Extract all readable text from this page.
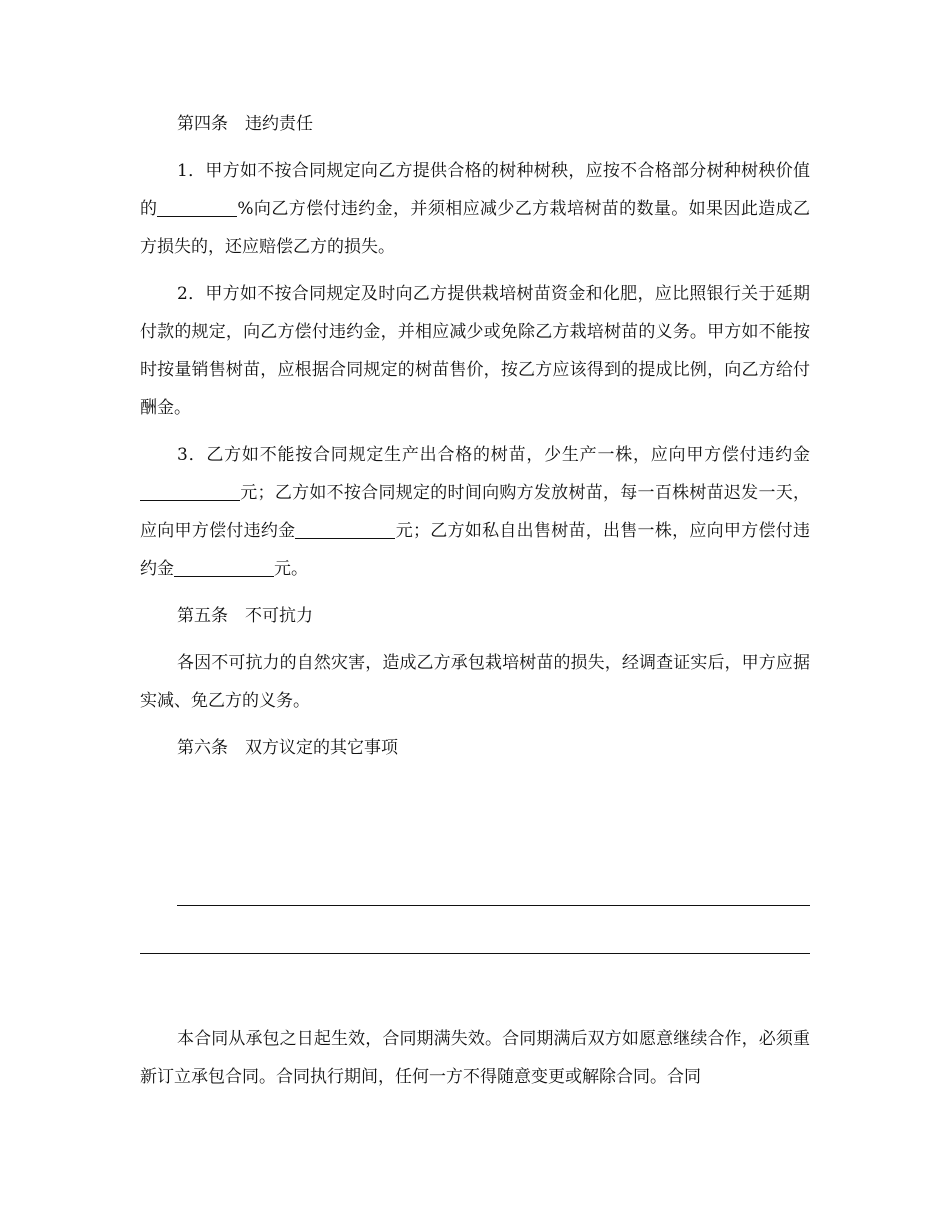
第四条　违约责任

1．甲方如不按合同规定向乙方提供合格的树种树秧，应按不合格部分树种树秧价值的	%向乙方偿付违约金，并须相应减少乙方栽培树苗的数量。如果因此造成乙方损失的，还应赔偿乙方的损失。

2．甲方如不按合同规定及时向乙方提供栽培树苗资金和化肥，应比照银行关于延期付款的规定，向乙方偿付违约金，并相应减少或免除乙方栽培树苗的义务。甲方如不能按时按量销售树苗，应根据合同规定的树苗售价，按乙方应该得到的提成比例，向乙方给付酬金。

3．乙方如不能按合同规定生产出合格的树苗，少生产一株，应向甲方偿付违约金元；乙方如不按合同规定的时间向购方发放树苗，每一百株树苗迟发一天，应向甲方偿付违约金	元；乙方如私自出售树苗，出售一株，应向甲方偿付违约金	元。

第五条　不可抗力

各因不可抗力的自然灾害，造成乙方承包栽培树苗的损失，经调查证实后，甲方应据实减、免乙方的义务。

第六条　双方议定的其它事项

本合同从承包之日起生效，合同期满失效。合同期满后双方如愿意继续合作，必须重新订立承包合同。合同执行期间，任何一方不得随意变更或解除合同。合同
